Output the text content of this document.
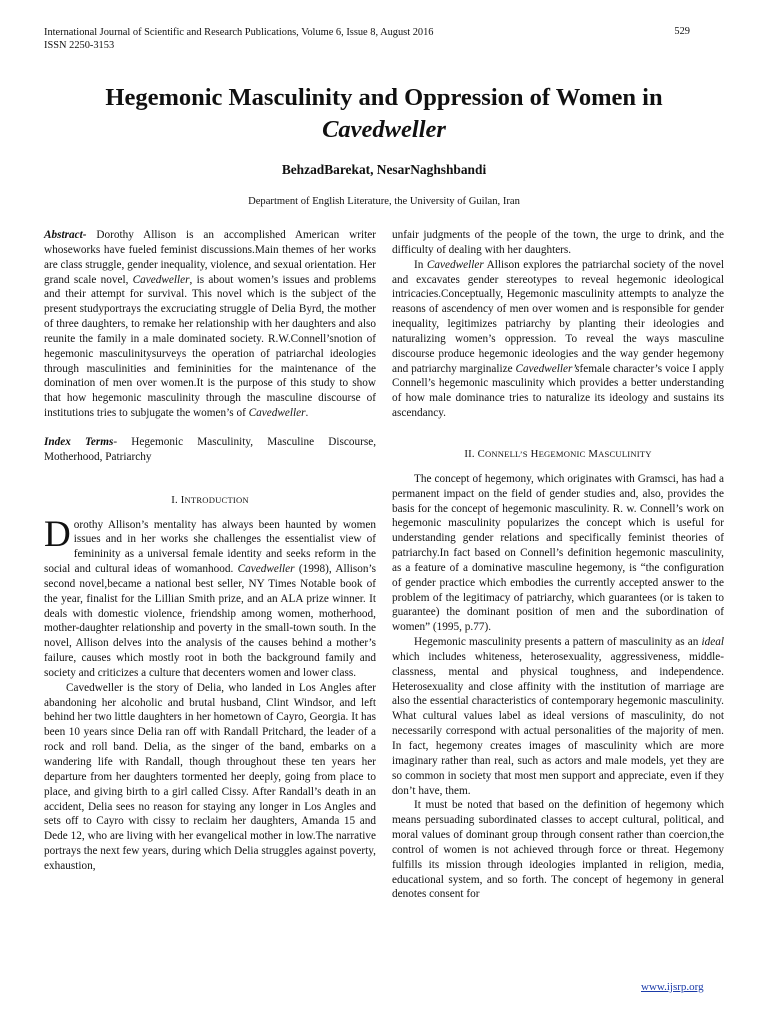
International Journal of Scientific and Research Publications, Volume 6, Issue 8, August 2016
ISSN 2250-3153
529
Hegemonic Masculinity and Oppression of Women in
Cavedweller
BehzadBarekat, NesarNaghshbandi
Department of English Literature, the University of Guilan, Iran

Abstract- Dorothy Allison is an accomplished American writer whoseworks have fueled feminist discussions.Main themes of her works are class struggle, gender inequality, violence, and sexual orientation. Her grand scale novel, Cavedweller, is about women’s issues and problems and their attempt for survival. This novel which is the subject of the present studyportrays the excruciating struggle of Delia Byrd, the mother of three daughters, to remake her relationship with her daughters and also reunite the family in a male dominated society. R.W.Connell’snotion of hegemonic masculinitysurveys the operation of patriarchal ideologies through masculinities and femininities for the maintenance of the domination of men over women.It is the purpose of this study to show that how hegemonic masculinity through the masculine discourse of institutions tries to subjugate the women’s of Cavedweller.

Index Terms- Hegemonic Masculinity, Masculine Discourse, Motherhood, Patriarchy

I. INTRODUCTION

Dorothy Allison’s mentality has always been haunted by women issues and in her works she challenges the essentialist view of femininity as a universal female identity and seeks reform in the social and cultural ideas of womanhood. Cavedweller (1998), Allison’s second novel,became a national best seller, NY Times Notable book of the year, finalist for the Lillian Smith prize, and an ALA prize winner. It deals with domestic violence, friendship among women, motherhood, mother-daughter relationship and poverty in the small-town south. In the novel, Allison delves into the analysis of the causes behind a mother’s failure, causes which mostly root in both the background family and society and criticizes a culture that decenters women and lower class.

Cavedweller is the story of Delia, who landed in Los Angles after abandoning her alcoholic and brutal husband, Clint Windsor, and left behind her two little daughters in her hometown of Cayro, Georgia. It has been 10 years since Delia ran off with Randall Pritchard, the leader of a rock and roll band. Delia, as the singer of the band, embarks on a wandering life with Randall, though throughout these ten years her departure from her daughters tormented her deeply, going from place to place, and giving birth to a girl called Cissy. After Randall’s death in an accident, Delia sees no reason for staying any longer in Los Angles and sets off to Cayro with cissy to reclaim her daughters, Amanda 15 and Dede 12, who are living with her evangelical mother in low.The narrative portrays the next few years, during which Delia struggles against poverty, exhaustion,

unfair judgments of the people of the town, the urge to drink, and the difficulty of dealing with her daughters.

In Cavedweller Allison explores the patriarchal society of the novel and excavates gender stereotypes to reveal hegemonic ideological intricacies.Conceptually, Hegemonic masculinity attempts to analyze the reasons of ascendency of men over women and is responsible for gender inequality, legitimizes patriarchy by planting their ideologies and naturalizing women’s oppression. To reveal the ways masculine discourse produce hegemonic ideologies and the way gender hegemony and patriarchy marginalize Cavedweller’sfemale character’s voice I apply Connell’s hegemonic masculinity which provides a better understanding of how male dominance tries to naturalize its ideology and sustains its ascendancy.

II. CONNELL’S HEGEMONIC MASCULINITY

The concept of hegemony, which originates with Gramsci, has had a permanent impact on the field of gender studies and, also, provides the basis for the concept of hegemonic masculinity. R. w. Connell’s work on hegemonic masculinity popularizes the concept which is useful for understanding gender relations and specifically feminist theories of patriarchy.In fact based on Connell’s definition hegemonic masculinity, as a feature of a dominative masculine hegemony, is “the configuration of gender practice which embodies the currently accepted answer to the problem of the legitimacy of patriarchy, which guarantees (or is taken to guarantee) the dominant position of men and the subordination of women” (1995, p.77).

Hegemonic masculinity presents a pattern of masculinity as an ideal which includes whiteness, heterosexuality, aggressiveness, middle-classness, mental and physical toughness, and independence. Heterosexuality and close affinity with the institution of marriage are also the essential characteristics of contemporary hegemonic masculinity. What cultural values label as ideal versions of masculinity, do not necessarily correspond with actual personalities of the majority of men. In fact, hegemony creates images of masculinity which are more imaginary rather than real, such as actors and male models, yet they are so common in society that most men support and appreciate, even if they don’t have, them.

It must be noted that based on the definition of hegemony which means persuading subordinated classes to accept cultural, political, and moral values of dominant group through consent rather than coercion,the control of women is not achieved through force or threat. Hegemony fulfills its mission through ideologies implanted in religion, media, educational system, and so forth. The concept of hegemony in general denotes consent for

www.ijsrp.org
